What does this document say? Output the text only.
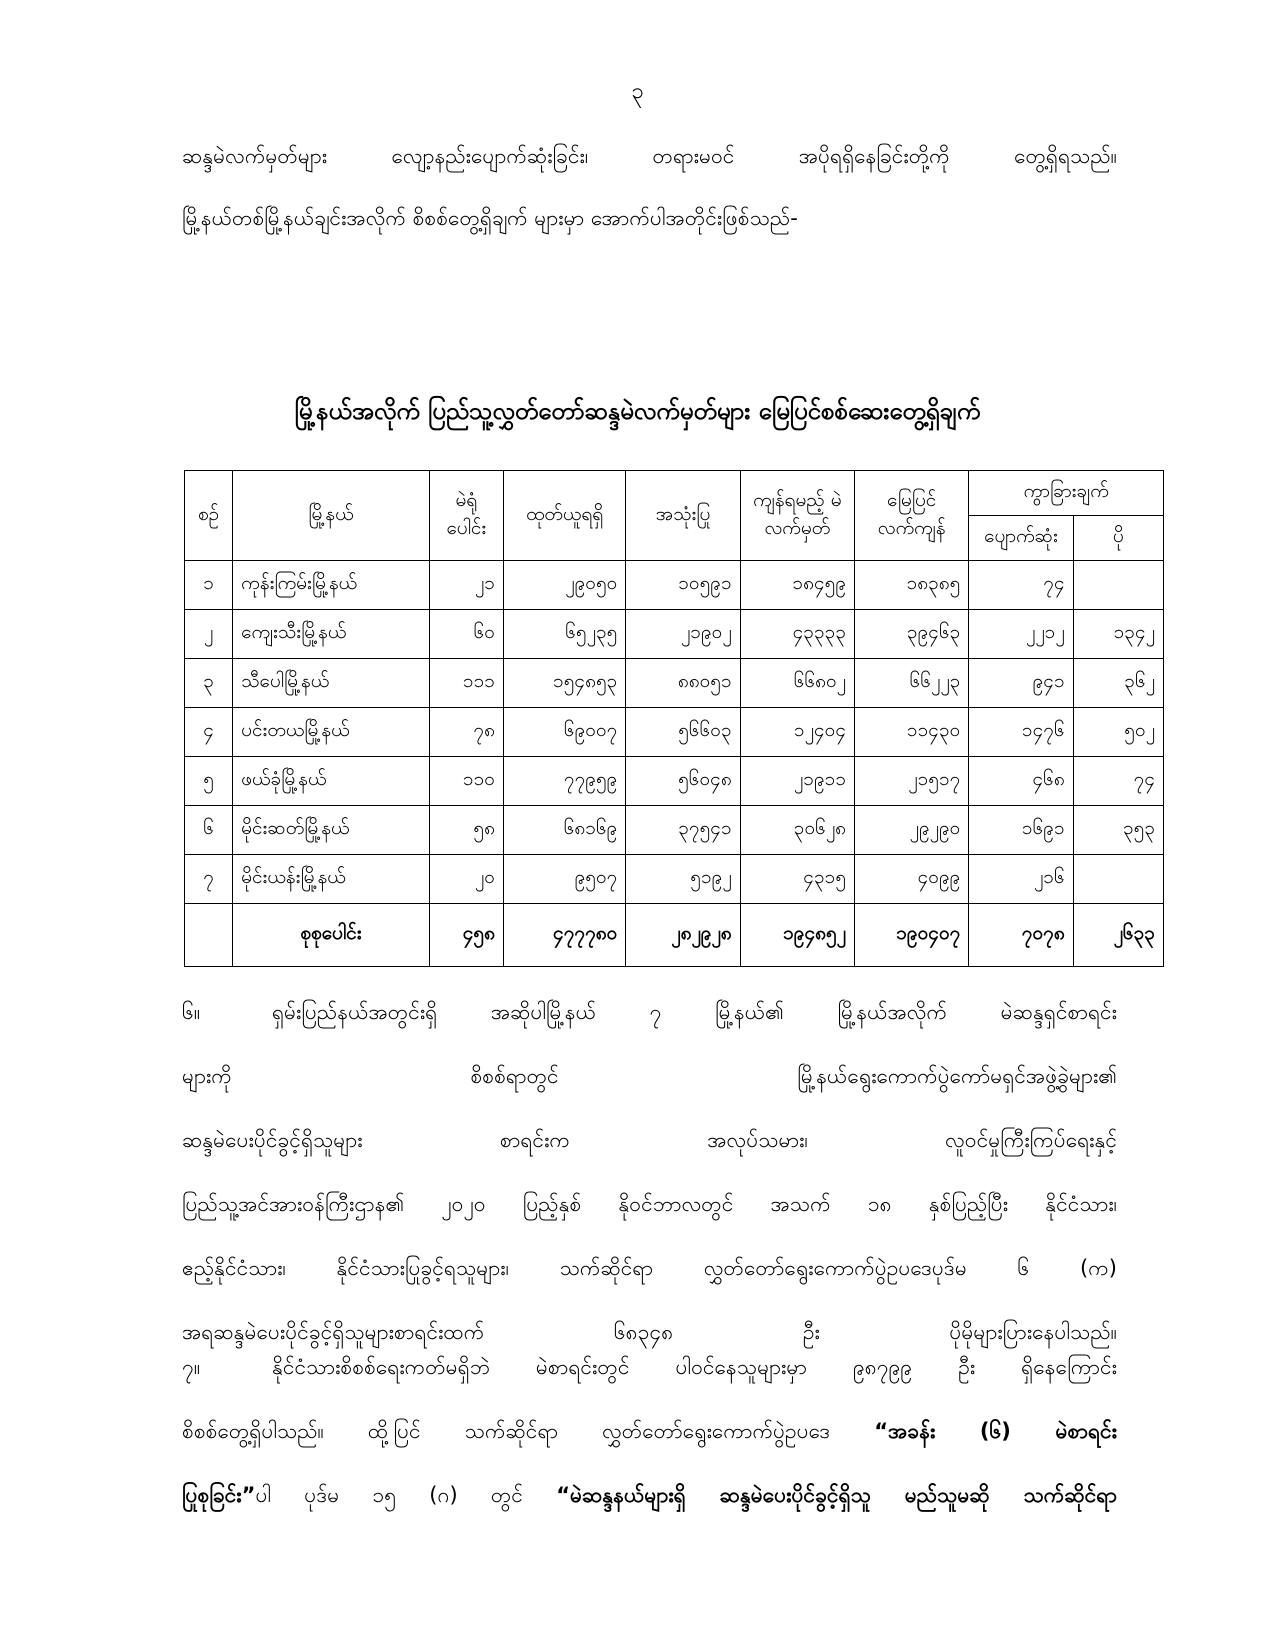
၃
ဆန္ဒမဲလက်မှတ်များ လျော့နည်းပျောက်ဆုံးခြင်း၊ တရားမဝင် အပိုရရှိနေခြင်းတို့ကို တွေ့ရှိရသည်။
မြို့နယ်တစ်မြို့နယ်ချင်းအလိုက် စိစစ်တွေ့ရှိချက် များမှာ အောက်ပါအတိုင်းဖြစ်သည်-
မြို့နယ်အလိုက် ပြည်သူ့လွှတ်တော်ဆန္ဒမဲလက်မှတ်များ မြေပြင်စစ်ဆေးတွေ့ရှိချက်
စဉ်	မြို့နယ်	မဲရုံပေါင်း	ထုတ်ယူရရှိ	အသုံးပြု	ကျန်ရမည့် မဲလက်မှတ်	မြေပြင် လက်ကျန်	ကွာခြားချက်	
							ပျောက်ဆုံး	ပို
၁	ကုန်းကြမ်းမြို့နယ်	၂၁	၂၉၀၅၀	၁၀၅၉၁	၁၈၄၅၉	၁၈၃၈၅	၇၄	
၂	ကျေးသီးမြို့နယ်	၆၀	၆၅၂၃၅	၂၁၉၀၂	၄၃၃၃၃	၃၉၄၆၃	၂၂၁၂	၁၃၄၂
၃	သီပေါမြို့နယ်	၁၁၁	၁၅၄၈၅၃	၈၈၀၅၁	၆၆၈၀၂	၆၆၂၂၃	၉၄၁	၃၆၂
၄	ပင်းတယမြို့နယ်	၇၈	၆၉၀၀၇	၅၆၆၀၃	၁၂၄၀၄	၁၁၄၃၀	၁၄၇၆	၅၀၂
၅	ဖယ်ခုံမြို့နယ်	၁၁၀	၇၇၉၅၉	၅၆၀၄၈	၂၁၉၁၁	၂၁၅၁၇	၄၆၈	၇၄
၆	မိုင်းဆတ်မြို့နယ်	၅၈	၆၈၁၆၉	၃၇၅၄၁	၃၀၆၂၈	၂၉၂၉၀	၁၆၉၁	၃၅၃
၇	မိုင်းယန်းမြို့နယ်	၂၀	၉၅၀၇	၅၁၉၂	၄၃၁၅	၄၀၉၉	၂၁၆	
	စုစုပေါင်း	၄၅၈	၄၇၇၇၈၀	၂၈၂၉၂၈	၁၉၄၈၅၂	၁၉၀၄၀၇	၇၀၇၈	၂၆၃၃
၆။	ရှမ်းပြည်နယ်အတွင်းရှိ အဆိုပါမြို့နယ် ၇ မြို့နယ်၏ မြို့နယ်အလိုက် မဲဆန္ဒရှင်စာရင်း
များကို စိစစ်ရာတွင် မြို့နယ်ရွေးကောက်ပွဲကော်မရှင်အဖွဲ့ခွဲများ၏
ဆန္ဒမဲပေးပိုင်ခွင့်ရှိသူများ စာရင်းက အလုပ်သမား၊ လူဝင်မှုကြီးကြပ်ရေးနှင့်
ပြည်သူ့အင်အားဝန်ကြီးဌာန၏ ၂၀၂၀ ပြည့်နှစ် နိုဝင်ဘာလတွင် အသက် ၁၈ နှစ်ပြည့်ပြီး နိုင်ငံသား၊
ဧည့်နိုင်ငံသား၊ နိုင်ငံသားပြုခွင့်ရသူများ၊ သက်ဆိုင်ရာ လွှတ်တော်ရွေးကောက်ပွဲဥပဒေပုဒ်မ ၆ (က)
အရဆန္ဒမဲပေးပိုင်ခွင့်ရှိသူများစာရင်းထက် ၆၈၃၄၈ ဦး ပိုမိုများပြားနေပါသည်။
၇။	နိုင်ငံသားစိစစ်ရေးကတ်မရှိဘဲ မဲစာရင်းတွင် ပါဝင်နေသူများမှာ ၉၈၇၉၉ ဦး ရှိနေကြောင်း
စိစစ်တွေ့ရှိပါသည်။ ထို့ပြင် သက်ဆိုင်ရာ လွှတ်တော်ရွေးကောက်ပွဲဥပဒေ “အခန်း (၆) မဲစာရင်း
ပြုစုခြင်း”ပါ ပုဒ်မ ၁၅ (ဂ) တွင် “မဲဆန္ဒနယ်များရှိ ဆန္ဒမဲပေးပိုင်ခွင့်ရှိသူ မည်သူမဆို သက်ဆိုင်ရာ
